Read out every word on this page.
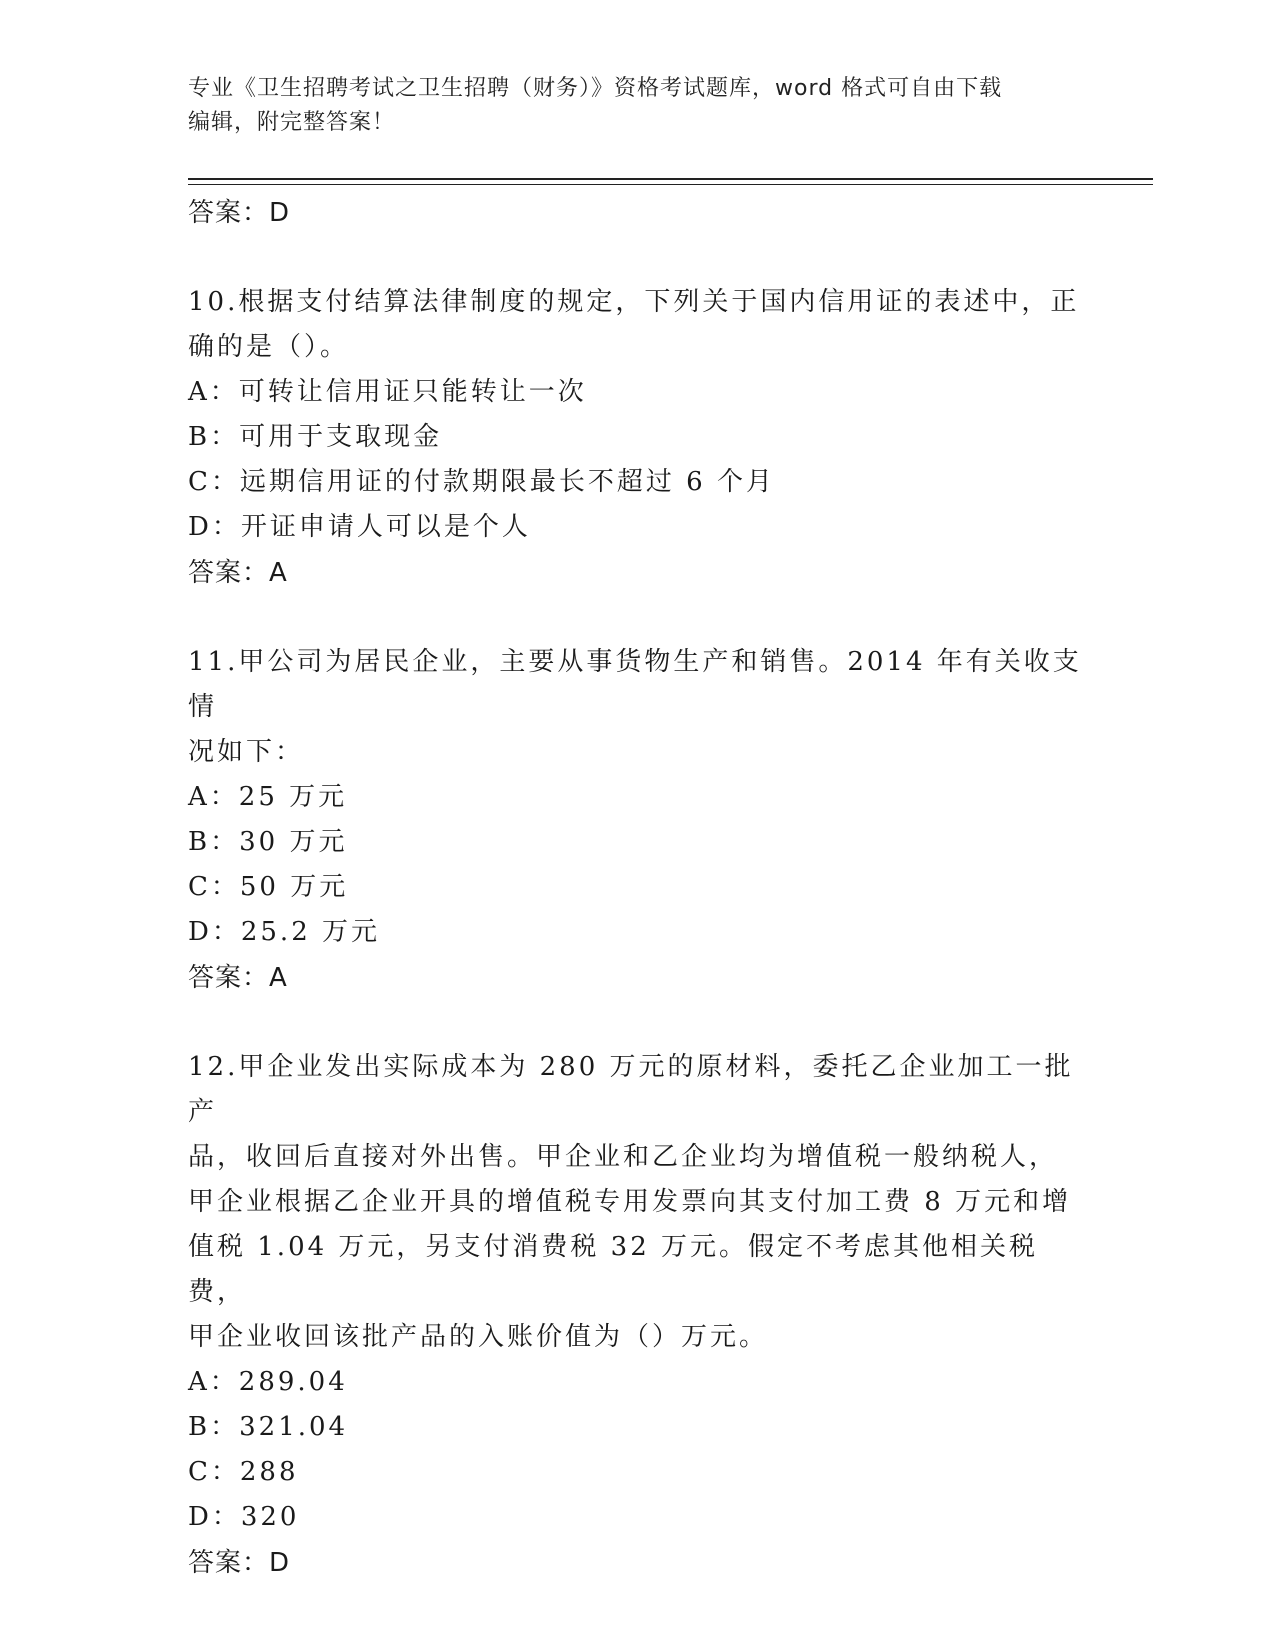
专业《卫生招聘考试之卫生招聘（财务）》资格考试题库，word 格式可自由下载
编辑，附完整答案！
答案：D
10.根据支付结算法律制度的规定，下列关于国内信用证的表述中，正
确的是（）。
A：可转让信用证只能转让一次
B：可用于支取现金
C：远期信用证的付款期限最长不超过 6 个月
D：开证申请人可以是个人
答案：A
11.甲公司为居民企业，主要从事货物生产和销售。2014 年有关收支情
况如下：
A：25 万元
B：30 万元
C：50 万元
D：25.2 万元
答案：A
12.甲企业发出实际成本为 280 万元的原材料，委托乙企业加工一批产
品，收回后直接对外出售。甲企业和乙企业均为增值税一般纳税人，
甲企业根据乙企业开具的增值税专用发票向其支付加工费 8 万元和增
值税 1.04 万元，另支付消费税 32 万元。假定不考虑其他相关税费，
甲企业收回该批产品的入账价值为（）万元。
A：289.04
B：321.04
C：288
D：320
答案：D
